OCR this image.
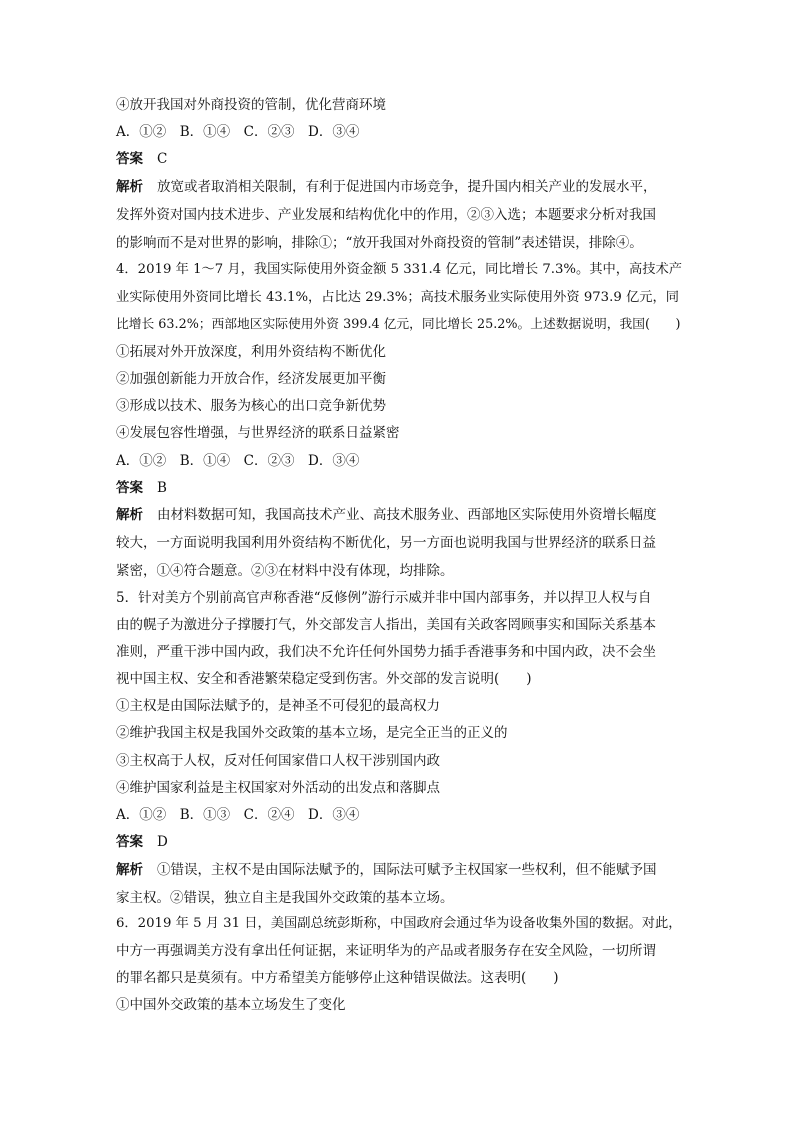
④放开我国对外商投资的管制，优化营商环境
A．①②　B．①④　C．②③　D．③④
答案 C
解析 放宽或者取消相关限制，有利于促进国内市场竞争，提升国内相关产业的发展水平，
发挥外资对国内技术进步、产业发展和结构优化中的作用，②③入选；本题要求分析对我国
的影响而不是对世界的影响，排除①；“放开我国对外商投资的管制”表述错误，排除④。
4．2019 年 1～7 月，我国实际使用外资金额 5 331.4 亿元，同比增长 7.3%。其中，高技术产
业实际使用外资同比增长 43.1%，占比达 29.3%；高技术服务业实际使用外资 973.9 亿元，同
比增长 63.2%；西部地区实际使用外资 399.4 亿元，同比增长 25.2%。上述数据说明，我国(　　)
①拓展对外开放深度，利用外资结构不断优化
②加强创新能力开放合作，经济发展更加平衡
③形成以技术、服务为核心的出口竞争新优势
④发展包容性增强，与世界经济的联系日益紧密
A．①②　B．①④　C．②③　D．③④
答案 B
解析 由材料数据可知，我国高技术产业、高技术服务业、西部地区实际使用外资增长幅度
较大，一方面说明我国利用外资结构不断优化，另一方面也说明我国与世界经济的联系日益
紧密，①④符合题意。②③在材料中没有体现，均排除。
5．针对美方个别前高官声称香港“反修例”游行示威并非中国内部事务，并以捍卫人权与自
由的幌子为激进分子撑腰打气，外交部发言人指出，美国有关政客罔顾事实和国际关系基本
准则，严重干涉中国内政，我们决不允许任何外国势力插手香港事务和中国内政，决不会坐
视中国主权、安全和香港繁荣稳定受到伤害。外交部的发言说明(　　)
①主权是由国际法赋予的，是神圣不可侵犯的最高权力
②维护我国主权是我国外交政策的基本立场，是完全正当的正义的
③主权高于人权，反对任何国家借口人权干涉别国内政
④维护国家利益是主权国家对外活动的出发点和落脚点
A．①②　B．①③　C．②④　D．③④
答案 D
解析 ①错误，主权不是由国际法赋予的，国际法可赋予主权国家一些权利，但不能赋予国
家主权。②错误，独立自主是我国外交政策的基本立场。
6．2019 年 5 月 31 日，美国副总统彭斯称，中国政府会通过华为设备收集外国的数据。对此，
中方一再强调美方没有拿出任何证据，来证明华为的产品或者服务存在安全风险，一切所谓
的罪名都只是莫须有。中方希望美方能够停止这种错误做法。这表明(　　)
①中国外交政策的基本立场发生了变化
